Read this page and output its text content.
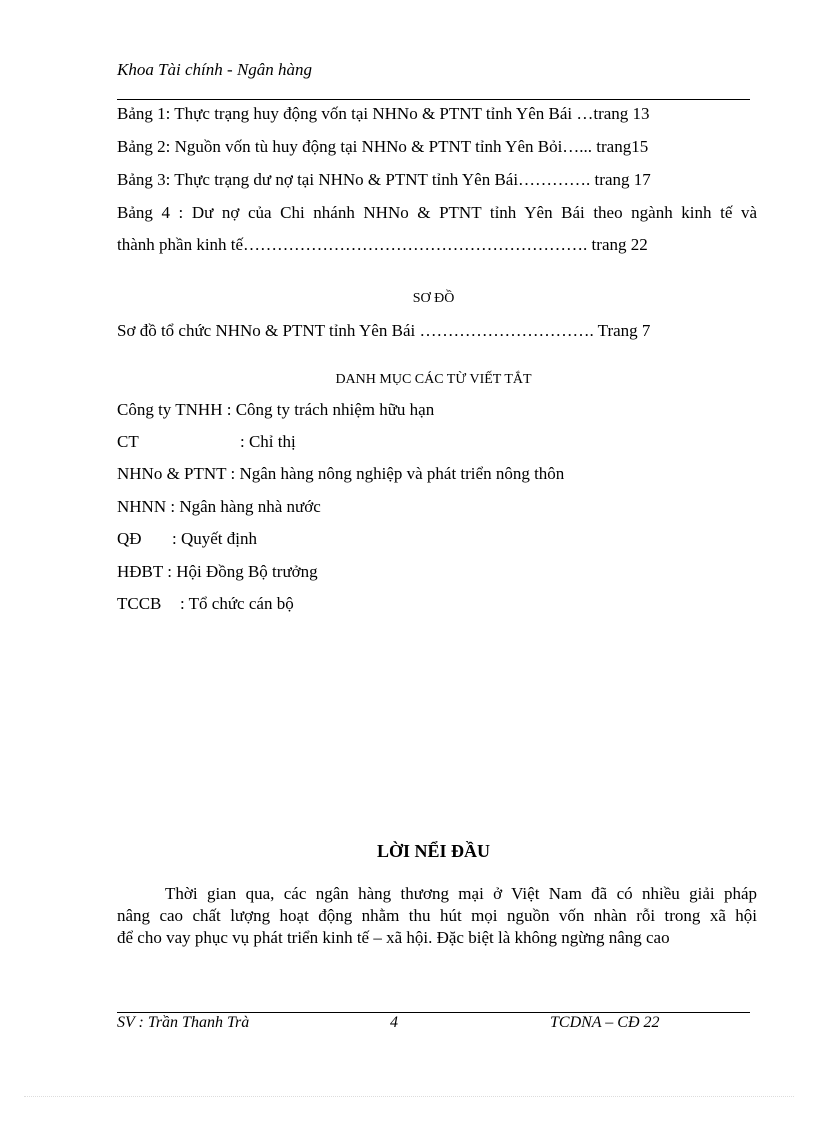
Khoa Tài chính - Ngân hàng
Bảng 1: Thực trạng huy động vốn tại NHNo & PTNT tỉnh Yên Bái …trang 13
Bảng 2: Nguồn vốn tù huy động tại NHNo & PTNT tỉnh Yên Bỏi…... trang15
Bảng 3: Thực trạng dư nợ tại NHNo & PTNT tỉnh Yên Bái…………. trang 17
Bảng 4 : Dư nợ của Chi nhánh NHNo & PTNT tỉnh Yên Bái theo ngành kinh tế và
thành phần kinh tế……………………………………………………. trang 22
SƠ ĐỒ
Sơ đồ tổ chức NHNo & PTNT tỉnh Yên Bái …………………………. Trang 7
DANH MỤC CÁC TỪ VIẾT TẮT
Công ty TNHH : Công ty trách nhiệm hữu hạn
CT	: Chỉ thị
NHNo & PTNT : Ngân hàng nông nghiệp và phát triển nông thôn
NHNN : Ngân hàng nhà nước
QĐ : Quyết định
HĐBT : Hội Đồng Bộ trưởng
TCCB : Tổ chức cán bộ
LỜI NỂI ĐẦU
Thời gian qua, các ngân hàng thương mại ở Việt Nam đã có nhiều giải pháp
nâng cao chất lượng hoạt động nhằm thu hút mọi nguồn vốn nhàn rỗi trong xã hội
để cho vay phục vụ phát triển kinh tế – xã hội. Đặc biệt là không ngừng nâng cao
SV : Trần Thanh Trà	4	TCDNA – CĐ 22
